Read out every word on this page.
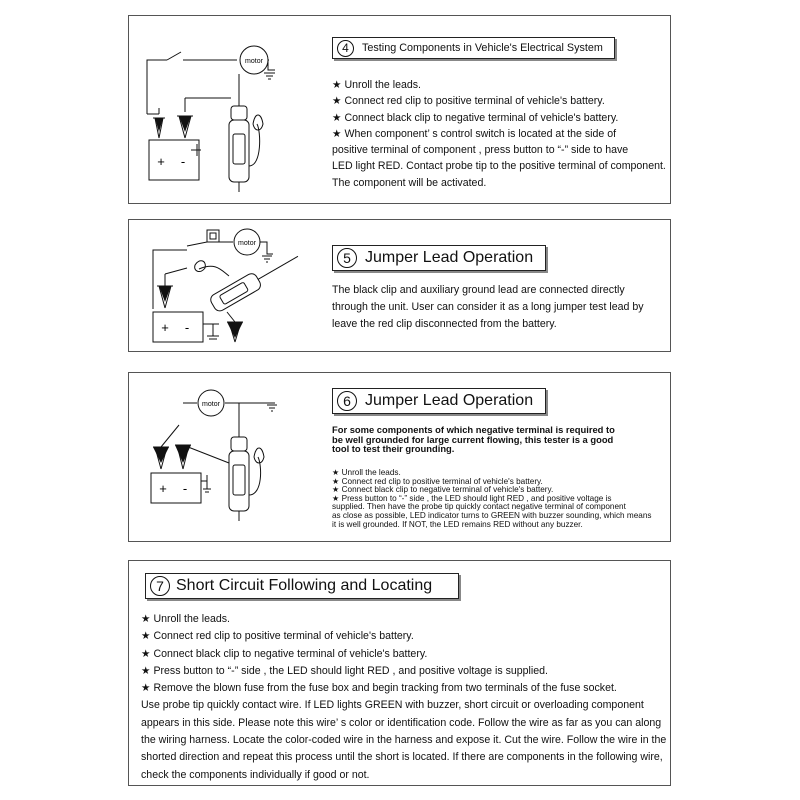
motor
+ -
4	Testing Components in Vehicle's Electrical System
★ Unroll the leads.
★ Connect red clip to positive terminal of vehicle's battery.
★ Connect black clip to negative terminal of vehicle's battery.
★ When component’ s control switch is located at the side of
positive terminal of component , press button to “-” side to have
LED light RED. Contact probe tip to the positive terminal of component.
The component will be activated.
motor
+ -
5 Jumper Lead Operation
The black clip and auxiliary ground lead are connected directly
through the unit. User can consider it as a long jumper test lead by
leave the red clip disconnected from the battery.
motor
+ -
6 Jumper Lead Operation
For some components of which negative terminal is required to
be well grounded for large current flowing, this tester is a good
tool to test their grounding.
★ Unroll the leads.
★ Connect red clip to positive terminal of vehicle's battery.
★ Connect black clip to negative terminal of vehicle's battery.
★ Press button to “-” side , the LED should light RED , and positive voltage is
supplied. Then have the probe tip quickly contact negative terminal of component
as close as possible, LED indicator turns to GREEN with buzzer sounding, which means
it is well grounded. If NOT, the LED remains RED without any buzzer.
7 Short Circuit Following and Locating
★ Unroll the leads.
★ Connect red clip to positive terminal of vehicle's battery.
★ Connect black clip to negative terminal of vehicle's battery.
★ Press button to “-” side , the LED should light RED , and positive voltage is supplied.
★ Remove the blown fuse from the fuse box and begin tracking from two terminals of the fuse socket.
Use probe tip quickly contact wire. If LED lights GREEN with buzzer, short circuit or overloading component
appears in this side. Please note this wire’ s color or identification code. Follow the wire as far as you can along
the wiring harness. Locate the color-coded wire in the harness and expose it. Cut the wire. Follow the wire in the
shorted direction and repeat this process until the short is located. If there are components in the following wire,
check the components individually if good or not.
